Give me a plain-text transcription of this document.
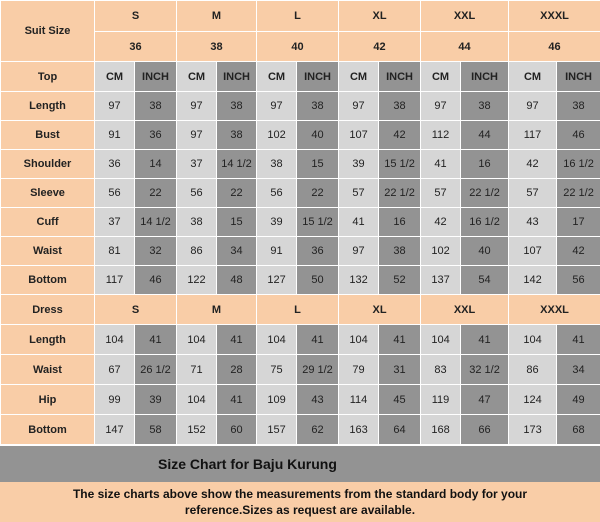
Suit Size	S		M		L		XL		XXL		XXXL	
	36		38		40		42		44		46	
Top	CM	INCH	CM	INCH	CM	INCH	CM	INCH	CM	INCH	CM	INCH
Length	97	38	97	38	97	38	97	38	97	38	97	38
Bust	91	36	97	38	102	40	107	42	112	44	117	46
Shoulder	36	14	37	14 1/2	38	15	39	15 1/2	41	16	42	16 1/2
Sleeve	56	22	56	22	56	22	57	22 1/2	57	22 1/2	57	22 1/2
Cuff	37	14 1/2	38	15	39	15 1/2	41	16	42	16 1/2	43	17
Waist	81	32	86	34	91	36	97	38	102	40	107	42
Bottom	117	46	122	48	127	50	132	52	137	54	142	56
Dress	S		M		L		XL		XXL		XXXL	
Length	104	41	104	41	104	41	104	41	104	41	104	41
Waist	67	26 1/2	71	28	75	29 1/2	79	31	83	32 1/2	86	34
Hip	99	39	104	41	109	43	114	45	119	47	124	49
Bottom	147	58	152	60	157	62	163	64	168	66	173	68
Size Chart for Baju Kurung
The size charts above show the measurements from the standard body for your
reference.Sizes as request are available.
